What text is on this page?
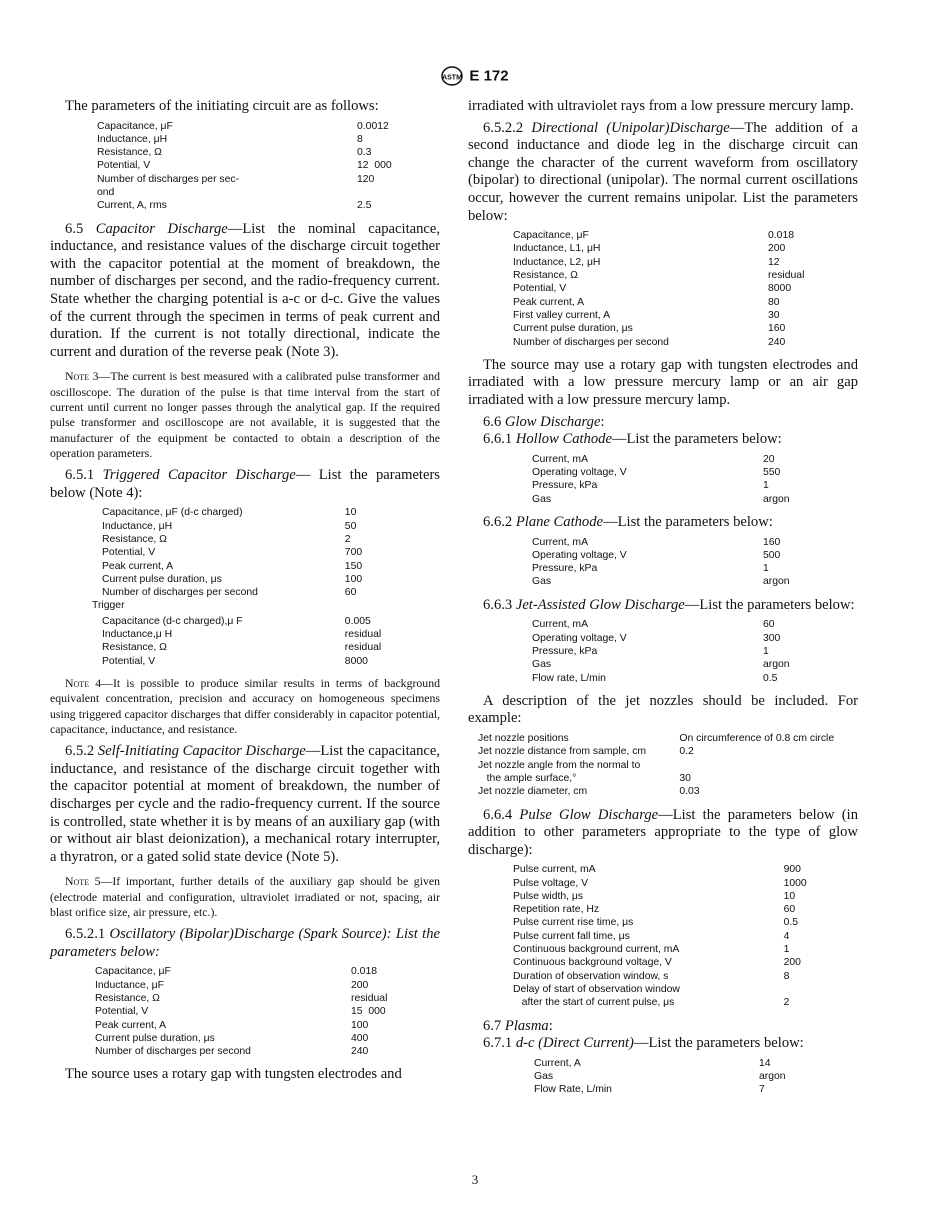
ASTM E 172

The parameters of the initiating circuit are as follows:

Capacitance, μF	0.0012
Inductance, μH	8
Resistance, Ω	0.3
Potential, V	12  000
Number of discharges per sec-
ond	120
Current, A, rms	2.5

6.5 Capacitor Discharge—List the nominal capacitance, inductance, and resistance values of the discharge circuit together with the capacitor potential at the moment of breakdown, the number of discharges per second, and the radio-frequency current. State whether the charging potential is a-c or d-c. Give the values of the current through the specimen in terms of peak current and duration. If the current is not totally directional, indicate the current and duration of the reverse peak (Note 3).

Note 3—The current is best measured with a calibrated pulse transformer and oscilloscope. The duration of the pulse is that time interval from the start of current until current no longer passes through the analytical gap. If the required pulse transformer and oscilloscope are not available, it is suggested that the manufacturer of the equipment be contacted to obtain a description of the operation parameters.

6.5.1 Triggered Capacitor Discharge— List the parameters below (Note 4):

Capacitance, μF (d-c charged)	10
Inductance, μH	50
Resistance, Ω	2
Potential, V	700
Peak current, A	150
Current pulse duration, μs	100
Number of discharges per second	60
Trigger
Capacitance (d-c charged),μ F	0.005
Inductance,μ H	residual
Resistance, Ω	residual
Potential, V	8000

Note 4—It is possible to produce similar results in terms of background equivalent concentration, precision and accuracy on homogeneous specimens using triggered capacitor discharges that differ considerably in capacitor potential, capacitance, inductance, and resistance.

6.5.2 Self-Initiating Capacitor Discharge—List the capacitance, inductance, and resistance of the discharge circuit together with the capacitor potential at moment of breakdown, the number of discharges per cycle and the radio-frequency current. If the source is controlled, state whether it is by means of an auxiliary gap (with or without air blast deionization), a mechanical rotary interrupter, a thyratron, or a gated solid state device (Note 5).

Note 5—If important, further details of the auxiliary gap should be given (electrode material and configuration, ultraviolet irradiated or not, spacing, air blast orifice size, air pressure, etc.).

6.5.2.1 Oscillatory (Bipolar)Discharge (Spark Source): List the parameters below:

Capacitance, μF	0.018
Inductance, μF	200
Resistance, Ω	residual
Potential, V	15  000
Peak current, A	100
Current pulse duration, μs	400
Number of discharges per second	240

The source uses a rotary gap with tungsten electrodes and

irradiated with ultraviolet rays from a low pressure mercury lamp.

6.5.2.2 Directional (Unipolar)Discharge—The addition of a second inductance and diode leg in the discharge circuit can change the character of the current waveform from oscillatory (bipolar) to directional (unipolar). The normal current oscillations occur, however the current remains unipolar. List the parameters below:

Capacitance, μF	0.018
Inductance, L1, μH	200
Inductance, L2, μH	12
Resistance, Ω	residual
Potential, V	8000
Peak current, A	80
First valley current, A	30
Current pulse duration, μs	160
Number of discharges per second	240

The source may use a rotary gap with tungsten electrodes and irradiated with a low pressure mercury lamp or an air gap irradiated with a low pressure mercury lamp.

6.6 Glow Discharge:

6.6.1 Hollow Cathode—List the parameters below:

Current, mA	20
Operating voltage, V	550
Pressure, kPa	1
Gas	argon

6.6.2 Plane Cathode—List the parameters below:

Current, mA	160
Operating voltage, V	500
Pressure, kPa	1
Gas	argon

6.6.3 Jet-Assisted Glow Discharge—List the parameters below:

Current, mA	60
Operating voltage, V	300
Pressure, kPa	1
Gas	argon
Flow rate, L/min	0.5

A description of the jet nozzles should be included. For example:

Jet nozzle positions	On circumference of 0.8 cm circle
Jet nozzle distance from sample, cm	0.2
Jet nozzle angle from the normal to	
the ample surface,°	30
Jet nozzle diameter, cm	0.03

6.6.4 Pulse Glow Discharge—List the parameters below (in addition to other parameters appropriate to the type of glow discharge):

Pulse current, mA	900
Pulse voltage, V	1000
Pulse width, μs	10
Repetition rate, Hz	60
Pulse current rise time, μs	0.5
Pulse current fall time, μs	4
Continuous background current, mA	1
Continuous background voltage, V	200
Duration of observation window, s	8
Delay of start of observation window	
after the start of current pulse, μs	2

6.7 Plasma:

6.7.1 d-c (Direct Current)—List the parameters below:

Current, A	14
Gas	argon
Flow Rate, L/min	7
3
